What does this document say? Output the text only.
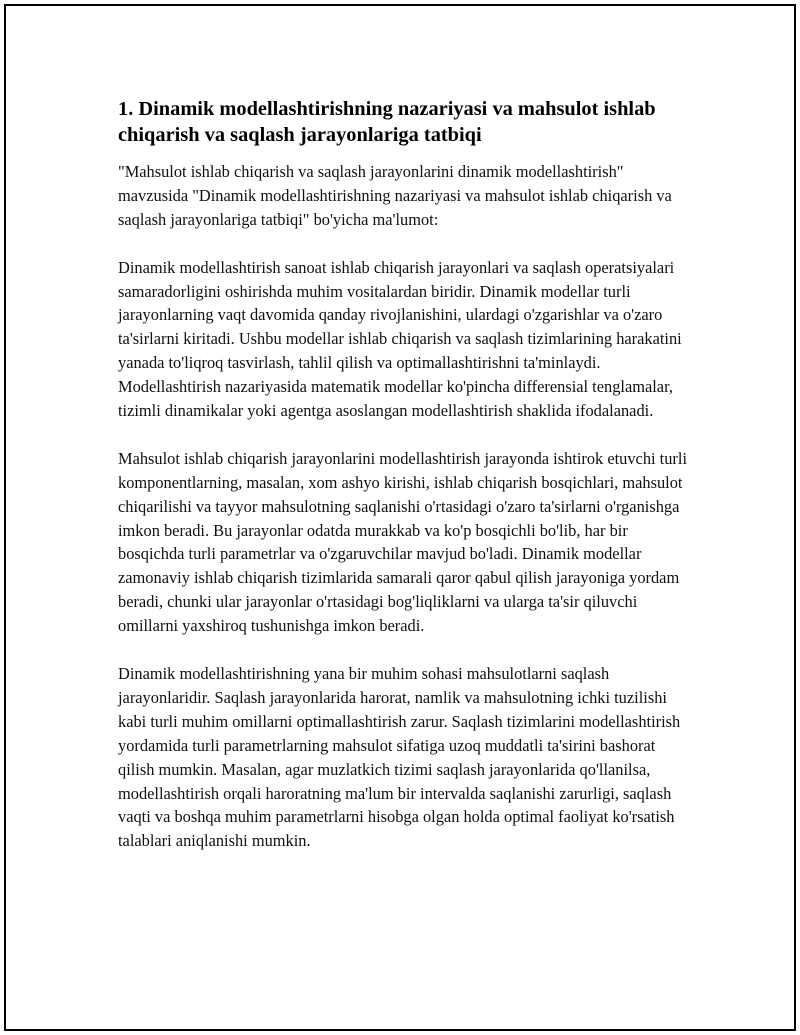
1. Dinamik modellashtirishning nazariyasi va mahsulot ishlab chiqarish va saqlash jarayonlariga tatbiqi

"Mahsulot ishlab chiqarish va saqlash jarayonlarini dinamik modellashtirish" mavzusida "Dinamik modellashtirishning nazariyasi va mahsulot ishlab chiqarish va saqlash jarayonlariga tatbiqi" bo'yicha ma'lumot:

Dinamik modellashtirish sanoat ishlab chiqarish jarayonlari va saqlash operatsiyalari samaradorligini oshirishda muhim vositalardan biridir. Dinamik modellar turli jarayonlarning vaqt davomida qanday rivojlanishini, ulardagi o'zgarishlar va o'zaro ta'sirlarni kiritadi. Ushbu modellar ishlab chiqarish va saqlash tizimlarining harakatini yanada to'liqroq tasvirlash, tahlil qilish va optimallashtirishni ta'minlaydi. Modellashtirish nazariyasida matematik modellar ko'pincha differensial tenglamalar, tizimli dinamikalar yoki agentga asoslangan modellashtirish shaklida ifodalanadi.

Mahsulot ishlab chiqarish jarayonlarini modellashtirish jarayonda ishtirok etuvchi turli komponentlarning, masalan, xom ashyo kirishi, ishlab chiqarish bosqichlari, mahsulot chiqarilishi va tayyor mahsulotning saqlanishi o'rtasidagi o'zaro ta'sirlarni o'rganishga imkon beradi. Bu jarayonlar odatda murakkab va ko'p bosqichli bo'lib, har bir bosqichda turli parametrlar va o'zgaruvchilar mavjud bo'ladi. Dinamik modellar zamonaviy ishlab chiqarish tizimlarida samarali qaror qabul qilish jarayoniga yordam beradi, chunki ular jarayonlar o'rtasidagi bog'liqliklarni va ularga ta'sir qiluvchi omillarni yaxshiroq tushunishga imkon beradi.

Dinamik modellashtirishning yana bir muhim sohasi mahsulotlarni saqlash jarayonlaridir. Saqlash jarayonlarida harorat, namlik va mahsulotning ichki tuzilishi kabi turli muhim omillarni optimallashtirish zarur. Saqlash tizimlarini modellashtirish yordamida turli parametrlarning mahsulot sifatiga uzoq muddatli ta'sirini bashorat qilish mumkin. Masalan, agar muzlatkich tizimi saqlash jarayonlarida qo'llanilsa, modellashtirish orqali haroratning ma'lum bir intervalda saqlanishi zarurligi, saqlash vaqti va boshqa muhim parametrlarni hisobga olgan holda optimal faoliyat ko'rsatish talablari aniqlanishi mumkin.
